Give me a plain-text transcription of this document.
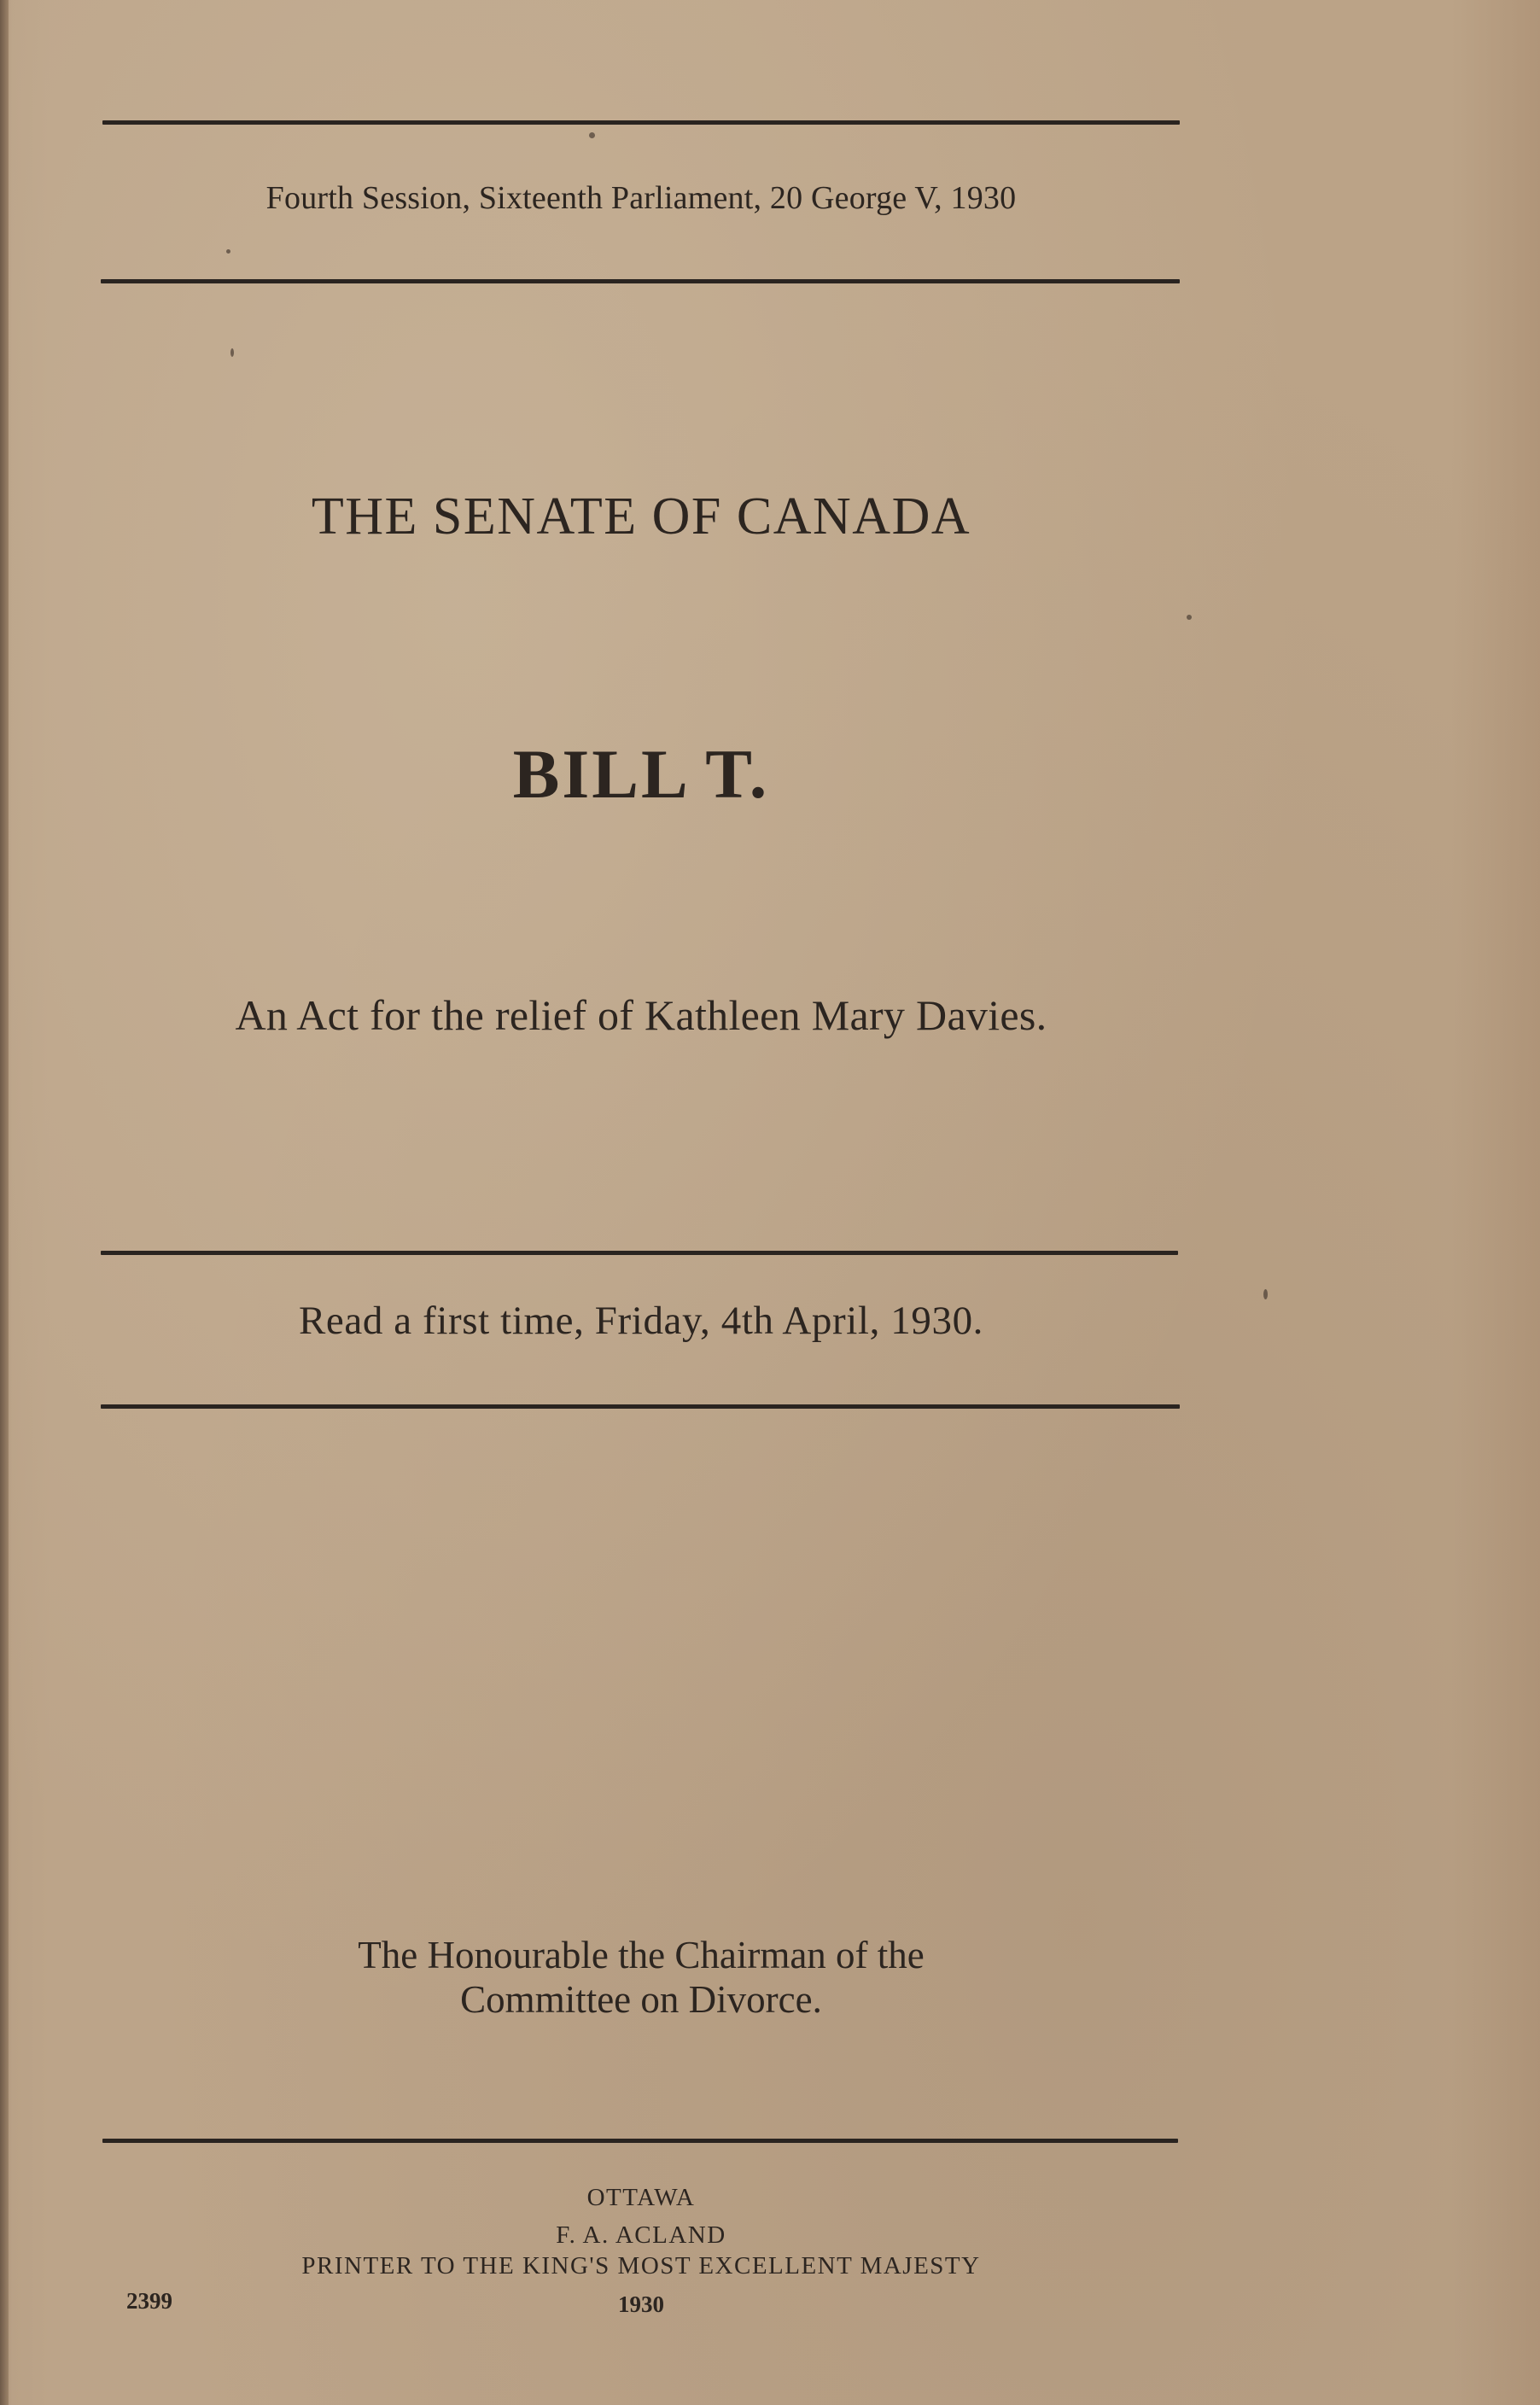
Fourth Session, Sixteenth Parliament, 20 George V, 1930
THE SENATE OF CANADA
BILL T.
An Act for the relief of Kathleen Mary Davies.
Read a first time, Friday, 4th April, 1930.
The Honourable the Chairman of the
Committee on Divorce.
OTTAWA
F. A. ACLAND
PRINTER TO THE KING'S MOST EXCELLENT MAJESTY
1930
2399
